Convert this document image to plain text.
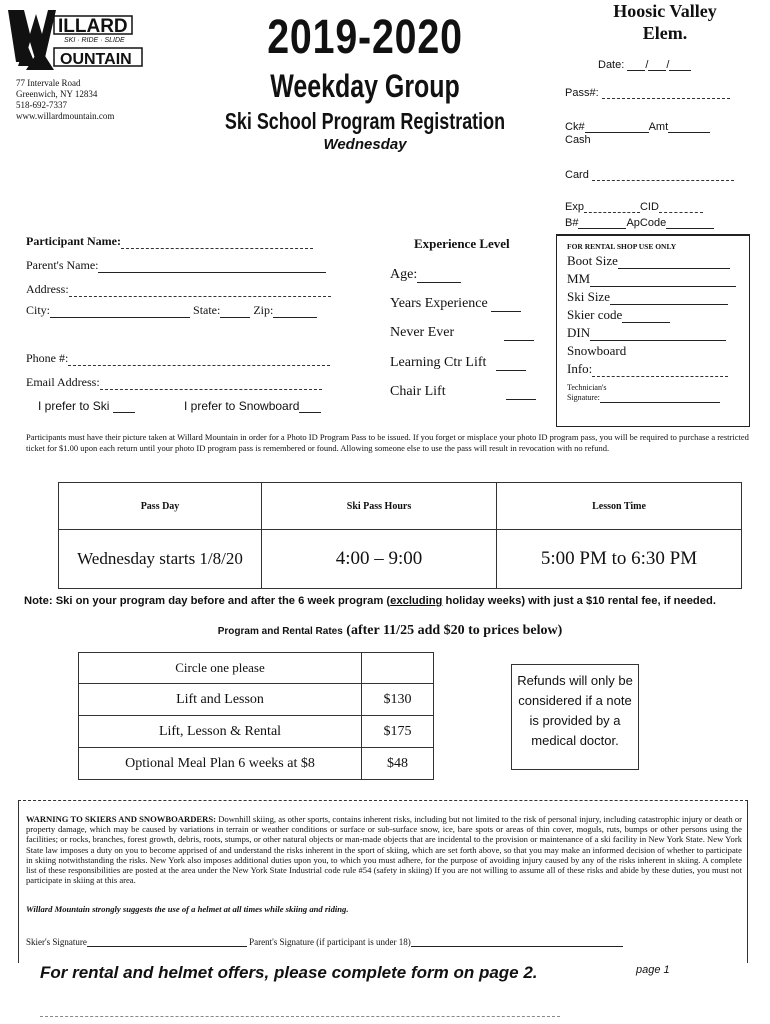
ILLARD
SKI · RIDE · SLIDE
OUNTAIN
77 Intervale Road
Greenwich, NY 12834
518-692-7337
www.willardmountain.com
2019-2020
Weekday Group
Ski School Program Registration
Wednesday
Hoosic Valley
Elem.
Date: / /
Pass#:
Ck#	Amt
Cash
Card
Exp	CID
B#	ApCode
Participant Name:
Parent's Name:
Address:
City:	State:	Zip:
Phone #:
Email Address:
I prefer to Ski	I prefer to Snowboard
Experience Level
Age:
Years Experience
Never Ever
Learning Ctr Lift
Chair Lift
FOR RENTAL SHOP USE ONLY
Boot Size
MM
Ski Size
Skier code
DIN
Snowboard
Info:
Technician's
Signature:
Participants must have their picture taken at Willard Mountain in order for a Photo ID Program Pass to be issued. If you forget or misplace your photo ID program pass, you will be required to purchase a restricted ticket for $1.00 upon each return until your photo ID program pass is remembered or found. Allowing someone else to use the pass will result in revocation with no refund.
Pass Day	Ski Pass Hours	Lesson Time
Wednesday starts 1/8/20	4:00 – 9:00	5:00 PM to 6:30 PM
Note: Ski on your program day before and after the 6 week program (excluding holiday weeks) with just a $10 rental fee, if needed.
Program and Rental Rates (after 11/25 add $20 to prices below)
Circle one please	
Lift and Lesson	$130
Lift, Lesson & Rental	$175
Optional Meal Plan 6 weeks at $8	$48
Refunds will only be considered if a note is provided by a medical doctor.
WARNING TO SKIERS AND SNOWBOARDERS: Downhill skiing, as other sports, contains inherent risks, including but not limited to the risk of personal injury, including catastrophic injury or death or property damage, which may be caused by variations in terrain or weather conditions or surface or sub-surface snow, ice, bare spots or areas of thin cover, moguls, ruts, bumps or other persons using the facilities; or rocks, branches, forest growth, debris, roots, stumps, or other natural objects or man-made objects that are incidental to the provision or maintenance of a ski facility in New York State. New York State law imposes a duty on you to become apprised of and understand the risks inherent in the sport of skiing, which are set forth above, so that you may make an informed decision of whether to participate in skiing notwithstanding the risks. New York also imposes additional duties upon you, to which you must adhere, for the purpose of avoiding injury caused by any of the risks inherent in skiing. A complete list of these responsibilities are posted at the area under the New York State Industrial code rule #54 (safety in skiing) If you are not willing to assume all of these risks and abide by these duties, you must not participate in skiing at this area.
Willard Mountain strongly suggests the use of a helmet at all times while skiing and riding.
Skier's Signature	Parent's Signature (if participant is under 18)
For rental and helmet offers, please complete form on page 2.	page 1
